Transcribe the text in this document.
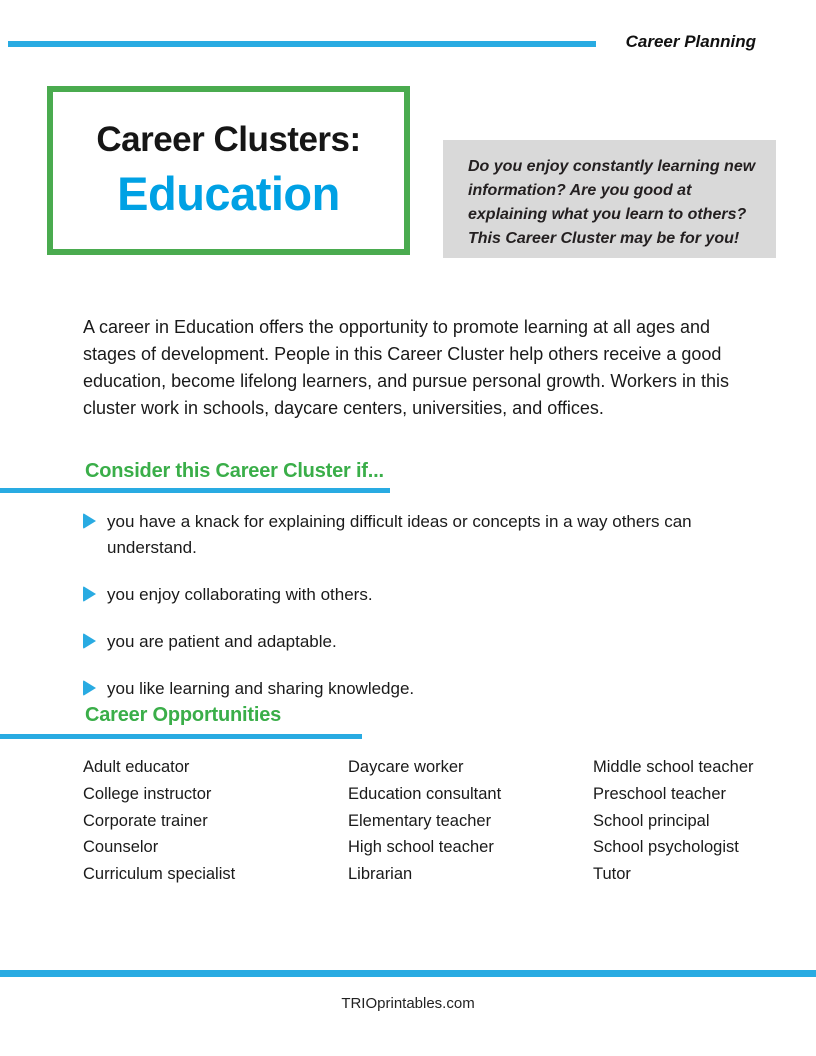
Career Planning
Career Clusters:
Education
Do you enjoy constantly learning new information? Are you good at explaining what you learn to others? This Career Cluster may be for you!

A career in Education offers the opportunity to promote learning at all ages and stages of development. People in this Career Cluster help others receive a good education, become lifelong learners, and pursue personal growth. Workers in this cluster work in schools, daycare centers, universities, and offices.

Consider this Career Cluster if...
you have a knack for explaining difficult ideas or concepts in a way others can understand.
you enjoy collaborating with others.
you are patient and adaptable.
you like learning and sharing knowledge.
Career Opportunities
Adult educator
College instructor
Corporate trainer
Counselor
Curriculum specialist
Daycare worker
Education consultant
Elementary teacher
High school teacher
Librarian
Middle school teacher
Preschool teacher
School principal
School psychologist
Tutor
TRIOprintables.com
